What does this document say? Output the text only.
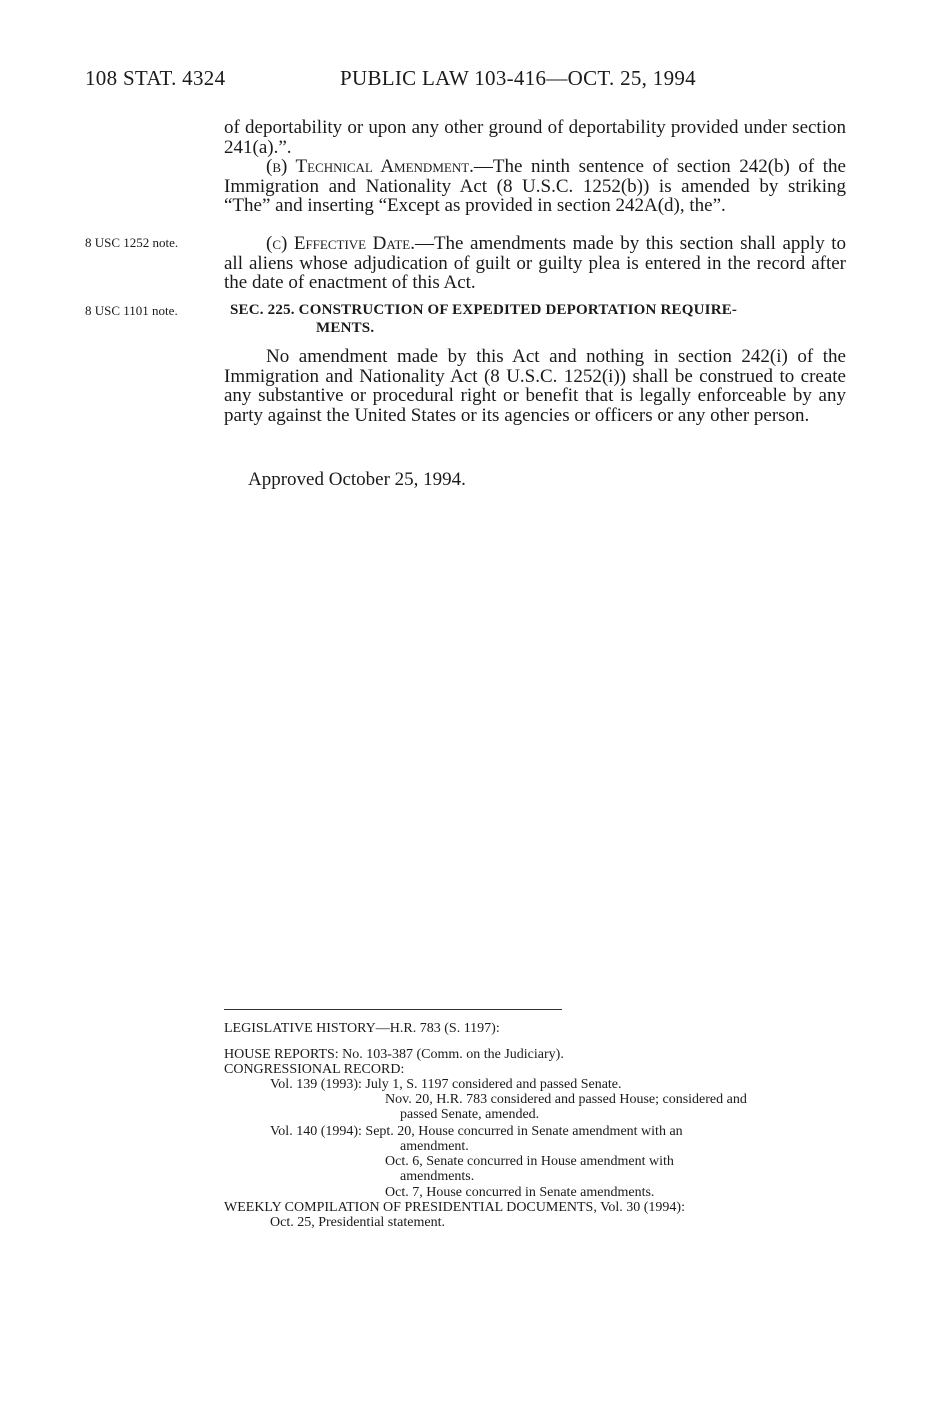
108 STAT. 4324	PUBLIC LAW 103-416—OCT. 25, 1994
of deportability or upon any other ground of deportability provided under section 241(a).”.
(b) Technical Amendment.—The ninth sentence of section 242(b) of the Immigration and Nationality Act (8 U.S.C. 1252(b)) is amended by striking “The” and inserting “Except as provided in section 242A(d), the”.
8 USC 1252 note.	(c) Effective Date.—The amendments made by this section shall apply to all aliens whose adjudication of guilt or guilty plea is entered in the record after the date of enactment of this Act.
8 USC 1101 note.	SEC. 225. CONSTRUCTION OF EXPEDITED DEPORTATION REQUIRE-
MENTS.
No amendment made by this Act and nothing in section 242(i) of the Immigration and Nationality Act (8 U.S.C. 1252(i)) shall be construed to create any substantive or procedural right or benefit that is legally enforceable by any party against the United States or its agencies or officers or any other person.
Approved October 25, 1994.
LEGISLATIVE HISTORY—H.R. 783 (S. 1197):
HOUSE REPORTS: No. 103-387 (Comm. on the Judiciary).
CONGRESSIONAL RECORD:
Vol. 139 (1993): July 1, S. 1197 considered and passed Senate.
Nov. 20, H.R. 783 considered and passed House; considered and
passed Senate, amended.
Vol. 140 (1994): Sept. 20, House concurred in Senate amendment with an
amendment.
Oct. 6, Senate concurred in House amendment with
amendments.
Oct. 7, House concurred in Senate amendments.
WEEKLY COMPILATION OF PRESIDENTIAL DOCUMENTS, Vol. 30 (1994):
Oct. 25, Presidential statement.
